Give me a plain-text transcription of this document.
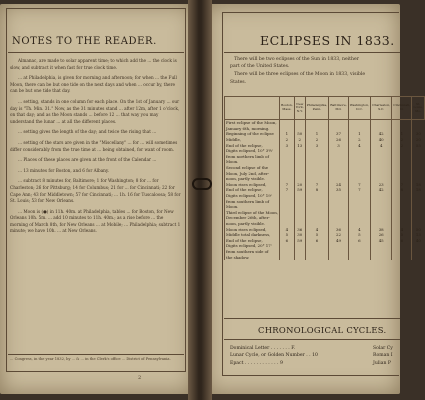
NOTES TO THE READER.

Almanac, are made to solar apparent time; to which add the ... the clock is slow, and subtract it when fast for true clock time.

... at Philadelphia, is given for morning and afternoon; for when ... the Full Moon, there can be but one tide on the next days and when ... occur by, there can be but one tide that day.

... setting, stands in one column for each place. On the 1st of January ... our day is "Th. Min. 31." Now, as the 31 minutes stand ... after 12m, after 1 o'clock, on that day; and as the Moon stands ... before 12 ... that way you may understand the lunar ... at all the different places.

... setting gives the length of the day; and twice the rising that ...

... setting of the stars are given in the "Miscellany" ... for ... will sometimes differ considerably from the true time at ... being obtained, for want of room.

... Places of these places are given at the front of the Calendar ...

... 13 minutes for Boston, and 6 for Albany.

... subtract 8 minutes for, Baltimore; 1 for Washington; 8 for ... for Charleston; 26 for Pittsburg; 14 for Columbus; 21 for ... for Cincinnati; 22 for Cape Ann; 43 for Middletown; 57 for Cincinnati; ... 1h. 16 for Tuscaloosa; 58 for St. Louis; 53 for New Orleans.

... Moon is (●) in 11h. 40m. at Philadelphia, tables ... for Boston, for New Orleans 10h. 5m. ... add 10 minutes to 11h. 40m.; as a rise before ... the morning of March 8th, for New Orleans ... at Mobile; ... Philadelphia; subtract 1 minute; we have 10h. ... at New Orleans.

... Congress, in the year 1832, by ... & ... in the Clerk's office ... District of Pennsylvania.
2
ECLIPSES IN 1833.
There will be two eclipses of the Sun in 1833, neither
part of the United States.
There will be three eclipses of the Moon in 1833, visible
States.
	Boston, Mass.	New York, N.Y.	Philadelphia, Penn.	Baltimore, Md.	Washington, D.C.	Charleston, S.C.	Cincinnati, O.	St. Louis, Mo.
First eclipse of the Moon,								
January 6th, morning.								
Beginning of the eclipse	1	50	1	37	1	42	1	30
Middle,	2	2	2	26	2	40	2	20
End of the eclipse,	3	13	3	3	4	4	2	55
Digits eclipsed, 10° 3½'								
from northern limb of								
Moon.								
Second eclipse of the								
Moon, July 2nd, after-								
noon, partly visible.								
Moon rises eclipsed,	7	20	7	24	7	23	7	18
End of the eclipse,	7	59	8	35	7	42	8	18
Digits eclipsed, 10° 19'								
from southern limb of								
Moon.								
Third eclipse of the Moon,								
December 26th, after-								
noon, partly visible.								
Moon rises eclipsed,	4	36	4	36	4	38	4	50
Middle total darkness,	5	30	5	22	5	26	5	13
End of the eclipse,	6	59	6	49	6	45	6	40
Digits eclipsed, 20° 17'								
from southern side of								
the shadow.								
CHRONOLOGICAL CYCLES.
Dominical Letter . . . . . . . F.
Lunar Cycle, or Golden Number . . 10
Epact . . . . . . . . . . . . 9
Solar Cy
Roman I
Julian P
